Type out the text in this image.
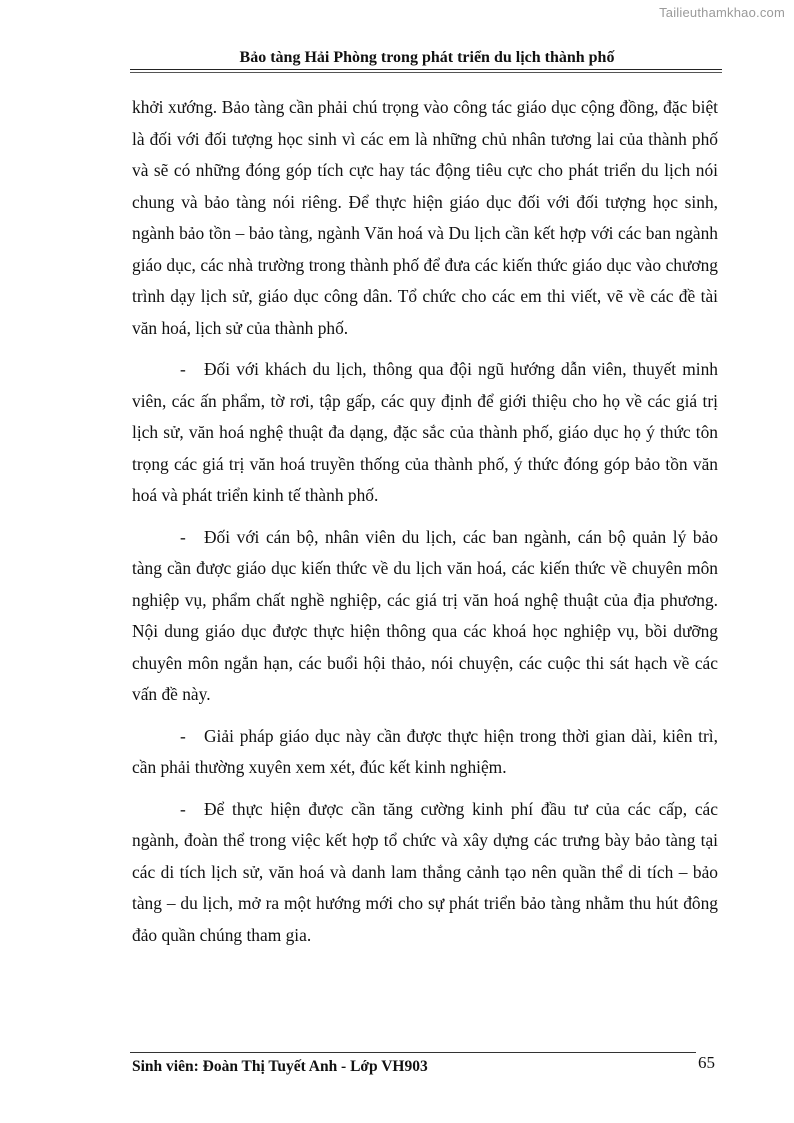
Tailieuthamkhao.com
Bảo tàng Hải Phòng trong phát triển du lịch thành phố

khởi xướng. Bảo tàng cần phải chú trọng vào công tác giáo dục cộng đồng, đặc biệt là đối với đối tượng học sinh vì các em là những chủ nhân tương lai của thành phố và sẽ có những đóng góp tích cực hay tác động tiêu cực cho phát triển du lịch nói chung và bảo tàng nói riêng. Để thực hiện giáo dục đối với đối tượng học sinh, ngành bảo tồn – bảo tàng, ngành Văn hoá và Du lịch cần kết hợp với các ban ngành giáo dục, các nhà trường trong thành phố để đưa các kiến thức giáo dục vào chương trình dạy lịch sử, giáo dục công dân. Tổ chức cho các em thi viết, vẽ về các đề tài văn hoá, lịch sử của thành phố.

- Đối với khách du lịch, thông qua đội ngũ hướng dẫn viên, thuyết minh viên, các ấn phẩm, tờ rơi, tập gấp, các quy định để giới thiệu cho họ về các giá trị lịch sử, văn hoá nghệ thuật đa dạng, đặc sắc của thành phố, giáo dục họ ý thức tôn trọng các giá trị văn hoá truyền thống của thành phố, ý thức đóng góp bảo tồn văn hoá và phát triển kinh tế thành phố.

- Đối với cán bộ, nhân viên du lịch, các ban ngành, cán bộ quản lý bảo tàng cần được giáo dục kiến thức về du lịch văn hoá, các kiến thức về chuyên môn nghiệp vụ, phẩm chất nghề nghiệp, các giá trị văn hoá nghệ thuật của địa phương. Nội dung giáo dục được thực hiện thông qua các khoá học nghiệp vụ, bồi dưỡng chuyên môn ngắn hạn, các buổi hội thảo, nói chuyện, các cuộc thi sát hạch về các vấn đề này.

- Giải pháp giáo dục này cần được thực hiện trong thời gian dài, kiên trì, cần phải thường xuyên xem xét, đúc kết kinh nghiệm.

- Để thực hiện được cần tăng cường kinh phí đầu tư của các cấp, các ngành, đoàn thể trong việc kết hợp tổ chức và xây dựng các trưng bày bảo tàng tại các di tích lịch sử, văn hoá và danh lam thắng cảnh tạo nên quần thể di tích – bảo tàng – du lịch, mở ra một hướng mới cho sự phát triển bảo tàng nhằm thu hút đông đảo quần chúng tham gia.

Sinh viên: Đoàn Thị Tuyết Anh - Lớp VH903	65
